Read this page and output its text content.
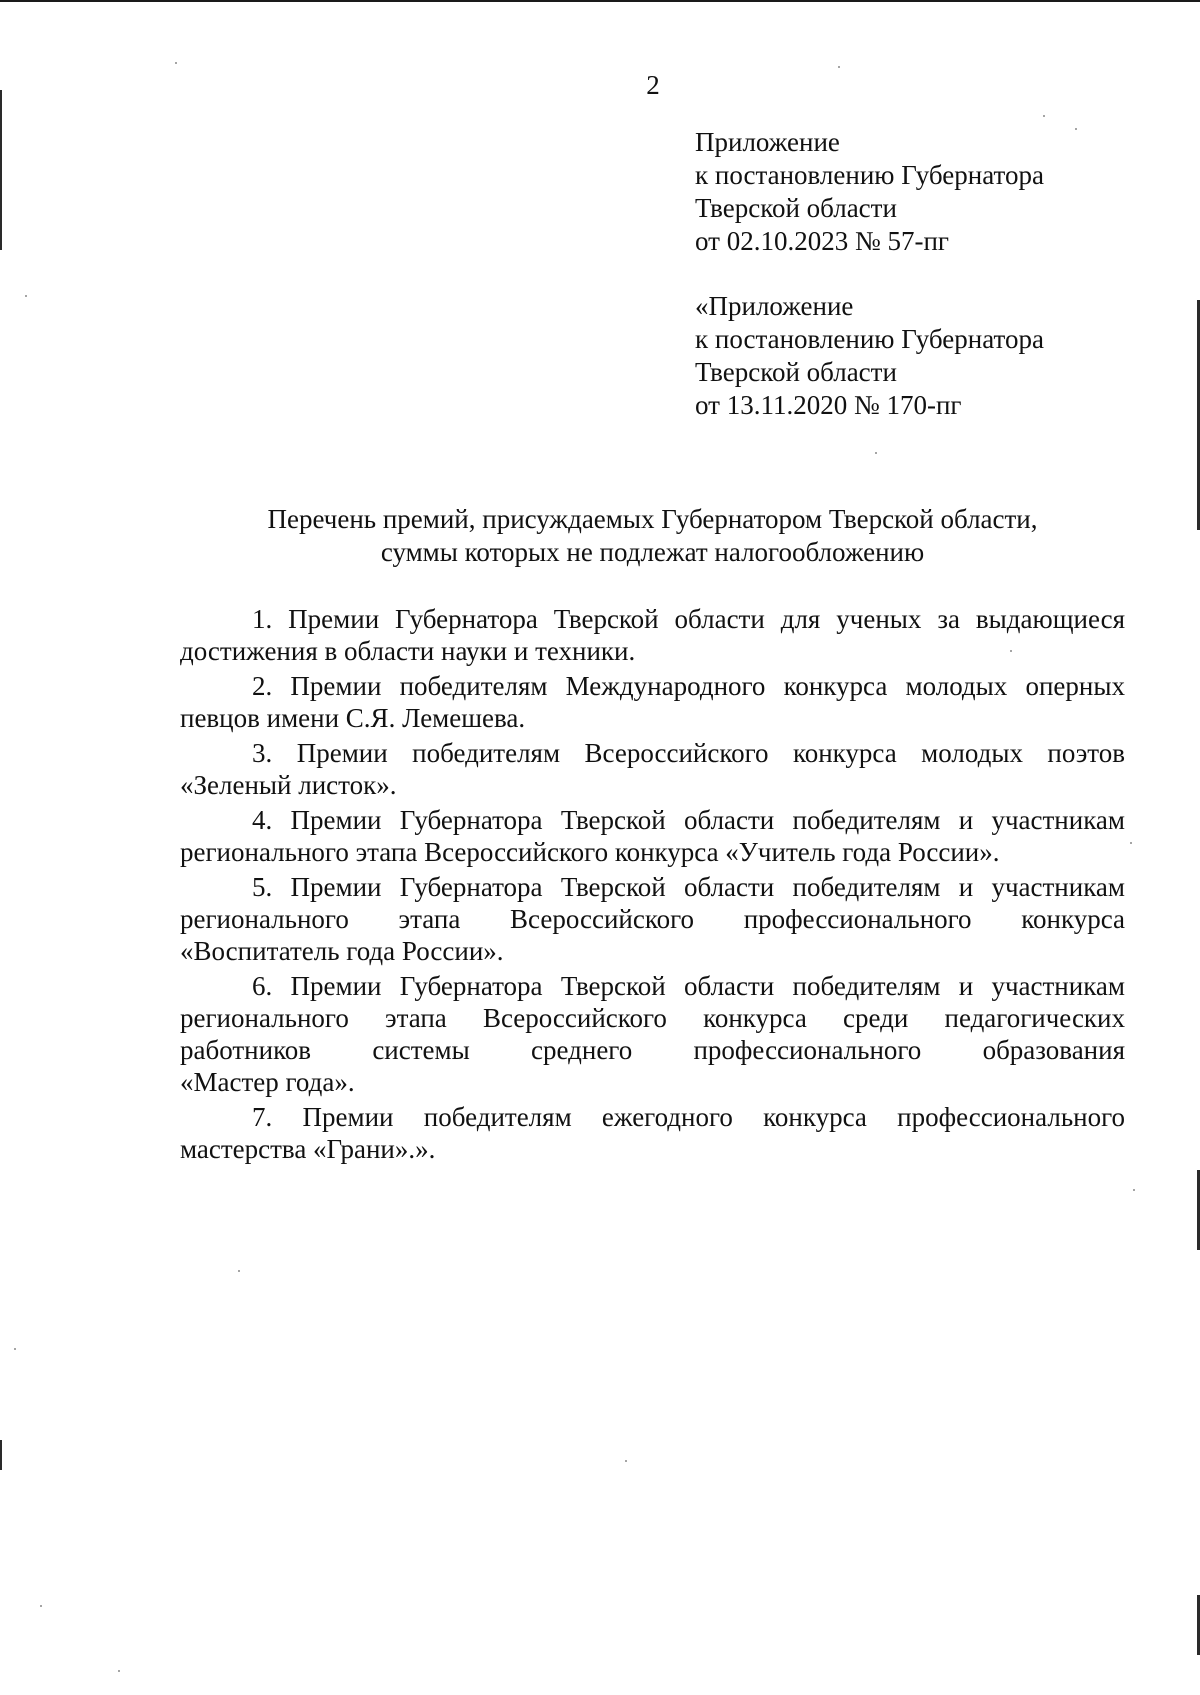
2
Приложение
к постановлению Губернатора
Тверской области
от 02.10.2023 № 57-пг
«Приложение
к постановлению Губернатора
Тверской области
от 13.11.2020 № 170-пг
Перечень премий, присуждаемых Губернатором Тверской области,
суммы которых не подлежат налогообложению
1. Премии Губернатора Тверской области для ученых за выдающиеся
достижения в области науки и техники.
2. Премии победителям Международного конкурса молодых оперных
певцов имени С.Я. Лемешева.
3. Премии победителям Всероссийского конкурса молодых поэтов
«Зеленый листок».
4. Премии Губернатора Тверской области победителям и участникам
регионального этапа Всероссийского конкурса «Учитель года России».
5. Премии Губернатора Тверской области победителям и участникам
регионального этапа Всероссийского профессионального конкурса
«Воспитатель года России».
6. Премии Губернатора Тверской области победителям и участникам
регионального этапа Всероссийского конкурса среди педагогических
работников системы среднего профессионального образования
«Мастер года».
7. Премии победителям ежегодного конкурса профессионального
мастерства «Грани».».
